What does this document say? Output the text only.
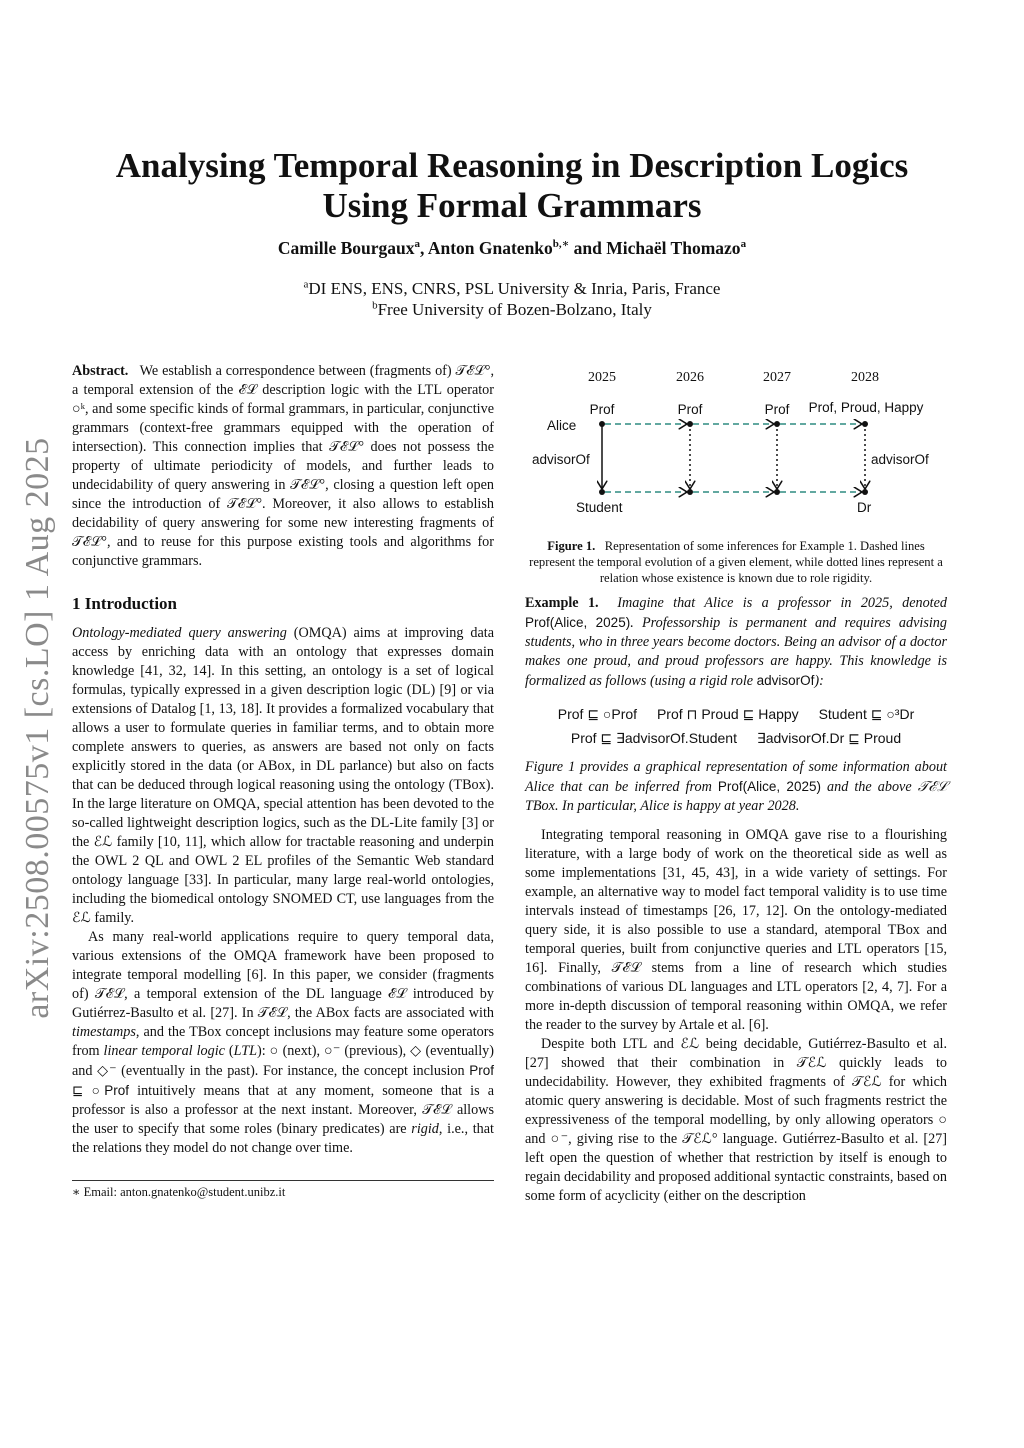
arXiv:2508.00575v1 [cs.LO] 1 Aug 2025
Analysing Temporal Reasoning in Description Logics
Using Formal Grammars
Camille Bourgaux$^a$, Anton Gnatenko$^{b,∗}$ and Michaël Thomazo$^a$
$^a$DI ENS, ENS, CNRS, PSL University & Inria, Paris, France
$^b$Free University of Bozen-Bolzano, Italy

Abstract. We establish a correspondence between (fragments of) 𝒯ℰℒ°, a temporal extension of the ℰℒ description logic with the LTL operator ○ᵏ, and some specific kinds of formal grammars, in particular, conjunctive grammars (context-free grammars equipped with the operation of intersection). This connection implies that 𝒯ℰℒ° does not possess the property of ultimate periodicity of models, and further leads to undecidability of query answering in 𝒯ℰℒ°, closing a question left open since the introduction of 𝒯ℰℒ°. Moreover, it also allows to establish decidability of query answering for some new interesting fragments of 𝒯ℰℒ°, and to reuse for this purpose existing tools and algorithms for conjunctive grammars.

1 Introduction

Ontology-mediated query answering (OMQA) aims at improving data access by enriching data with an ontology that expresses domain knowledge [41, 32, 14]. In this setting, an ontology is a set of logical formulas, typically expressed in a given description logic (DL) [9] or via extensions of Datalog [1, 13, 18]. It provides a formalized vocabulary that allows a user to formulate queries in familiar terms, and to obtain more complete answers to queries, as answers are based not only on facts explicitly stored in the data (or ABox, in DL parlance) but also on facts that can be deduced through logical reasoning using the ontology (TBox). In the large literature on OMQA, special attention has been devoted to the so-called lightweight description logics, such as the DL-Lite family [3] or the ℰℒ family [10, 11], which allow for tractable reasoning and underpin the OWL 2 QL and OWL 2 EL profiles of the Semantic Web standard ontology language [33]. In particular, many large real-world ontologies, including the biomedical ontology SNOMED CT, use languages from the ℰℒ family.

As many real-world applications require to query temporal data, various extensions of the OMQA framework have been proposed to integrate temporal modelling [6]. In this paper, we consider (fragments of) 𝒯ℰℒ, a temporal extension of the DL language ℰℒ introduced by Gutiérrez-Basulto et al. [27]. In 𝒯ℰℒ, the ABox facts are associated with timestamps, and the TBox concept inclusions may feature some operators from linear temporal logic (LTL): ○ (next), ○⁻ (previous), ◇ (eventually) and ◇⁻ (eventually in the past). For instance, the concept inclusion Prof ⊑ ○Prof intuitively means that at any moment, someone that is a professor is also a professor at the next instant. Moreover, 𝒯ℰℒ allows the user to specify that some roles (binary predicates) are rigid, i.e., that the relations they model do not change over time.

∗ Email: anton.gnatenko@student.unibz.it
2025	2026	2027	2028
Prof	Prof	Prof Prof, Proud, Happy
Alice
advisorOf	advisorOf
Student	Dr
Figure 1. Representation of some inferences for Example 1. Dashed lines represent the temporal evolution of a given element, while dotted lines represent a relation whose existence is known due to role rigidity.

Example 1. Imagine that Alice is a professor in 2025, denoted Prof(Alice, 2025). Professorship is permanent and requires advising students, who in three years become doctors. Being an advisor of a doctor makes one proud, and proud professors are happy. This knowledge is formalized as follows (using a rigid role advisorOf):

Prof ⊑ ○Prof Prof ⊓ Proud ⊑ Happy Student ⊑ ○³Dr
Prof ⊑ ∃advisorOf.Student ∃advisorOf.Dr ⊑ Proud

Figure 1 provides a graphical representation of some information about Alice that can be inferred from Prof(Alice, 2025) and the above 𝒯ℰℒ TBox. In particular, Alice is happy at year 2028.

Integrating temporal reasoning in OMQA gave rise to a flourishing literature, with a large body of work on the theoretical side as well as some implementations [31, 45, 43], in a wide variety of settings. For example, an alternative way to model fact temporal validity is to use time intervals instead of timestamps [26, 17, 12]. On the ontology-mediated query side, it is also possible to use a standard, atemporal TBox and temporal queries, built from conjunctive queries and LTL operators [15, 16]. Finally, 𝒯ℰℒ stems from a line of research which studies combinations of various DL languages and LTL operators [2, 4, 7]. For a more in-depth discussion of temporal reasoning within OMQA, we refer the reader to the survey by Artale et al. [6].

Despite both LTL and ℰℒ being decidable, Gutiérrez-Basulto et al. [27] showed that their combination in 𝒯ℰℒ quickly leads to undecidability. However, they exhibited fragments of 𝒯ℰℒ for which atomic query answering is decidable. Most of such fragments restrict the expressiveness of the temporal modelling, by only allowing operators ○ and ○⁻, giving rise to the 𝒯ℰℒ° language. Gutiérrez-Basulto et al. [27] left open the question of whether that restriction by itself is enough to regain decidability and proposed additional syntactic constraints, based on some form of acyclicity (either on the description
